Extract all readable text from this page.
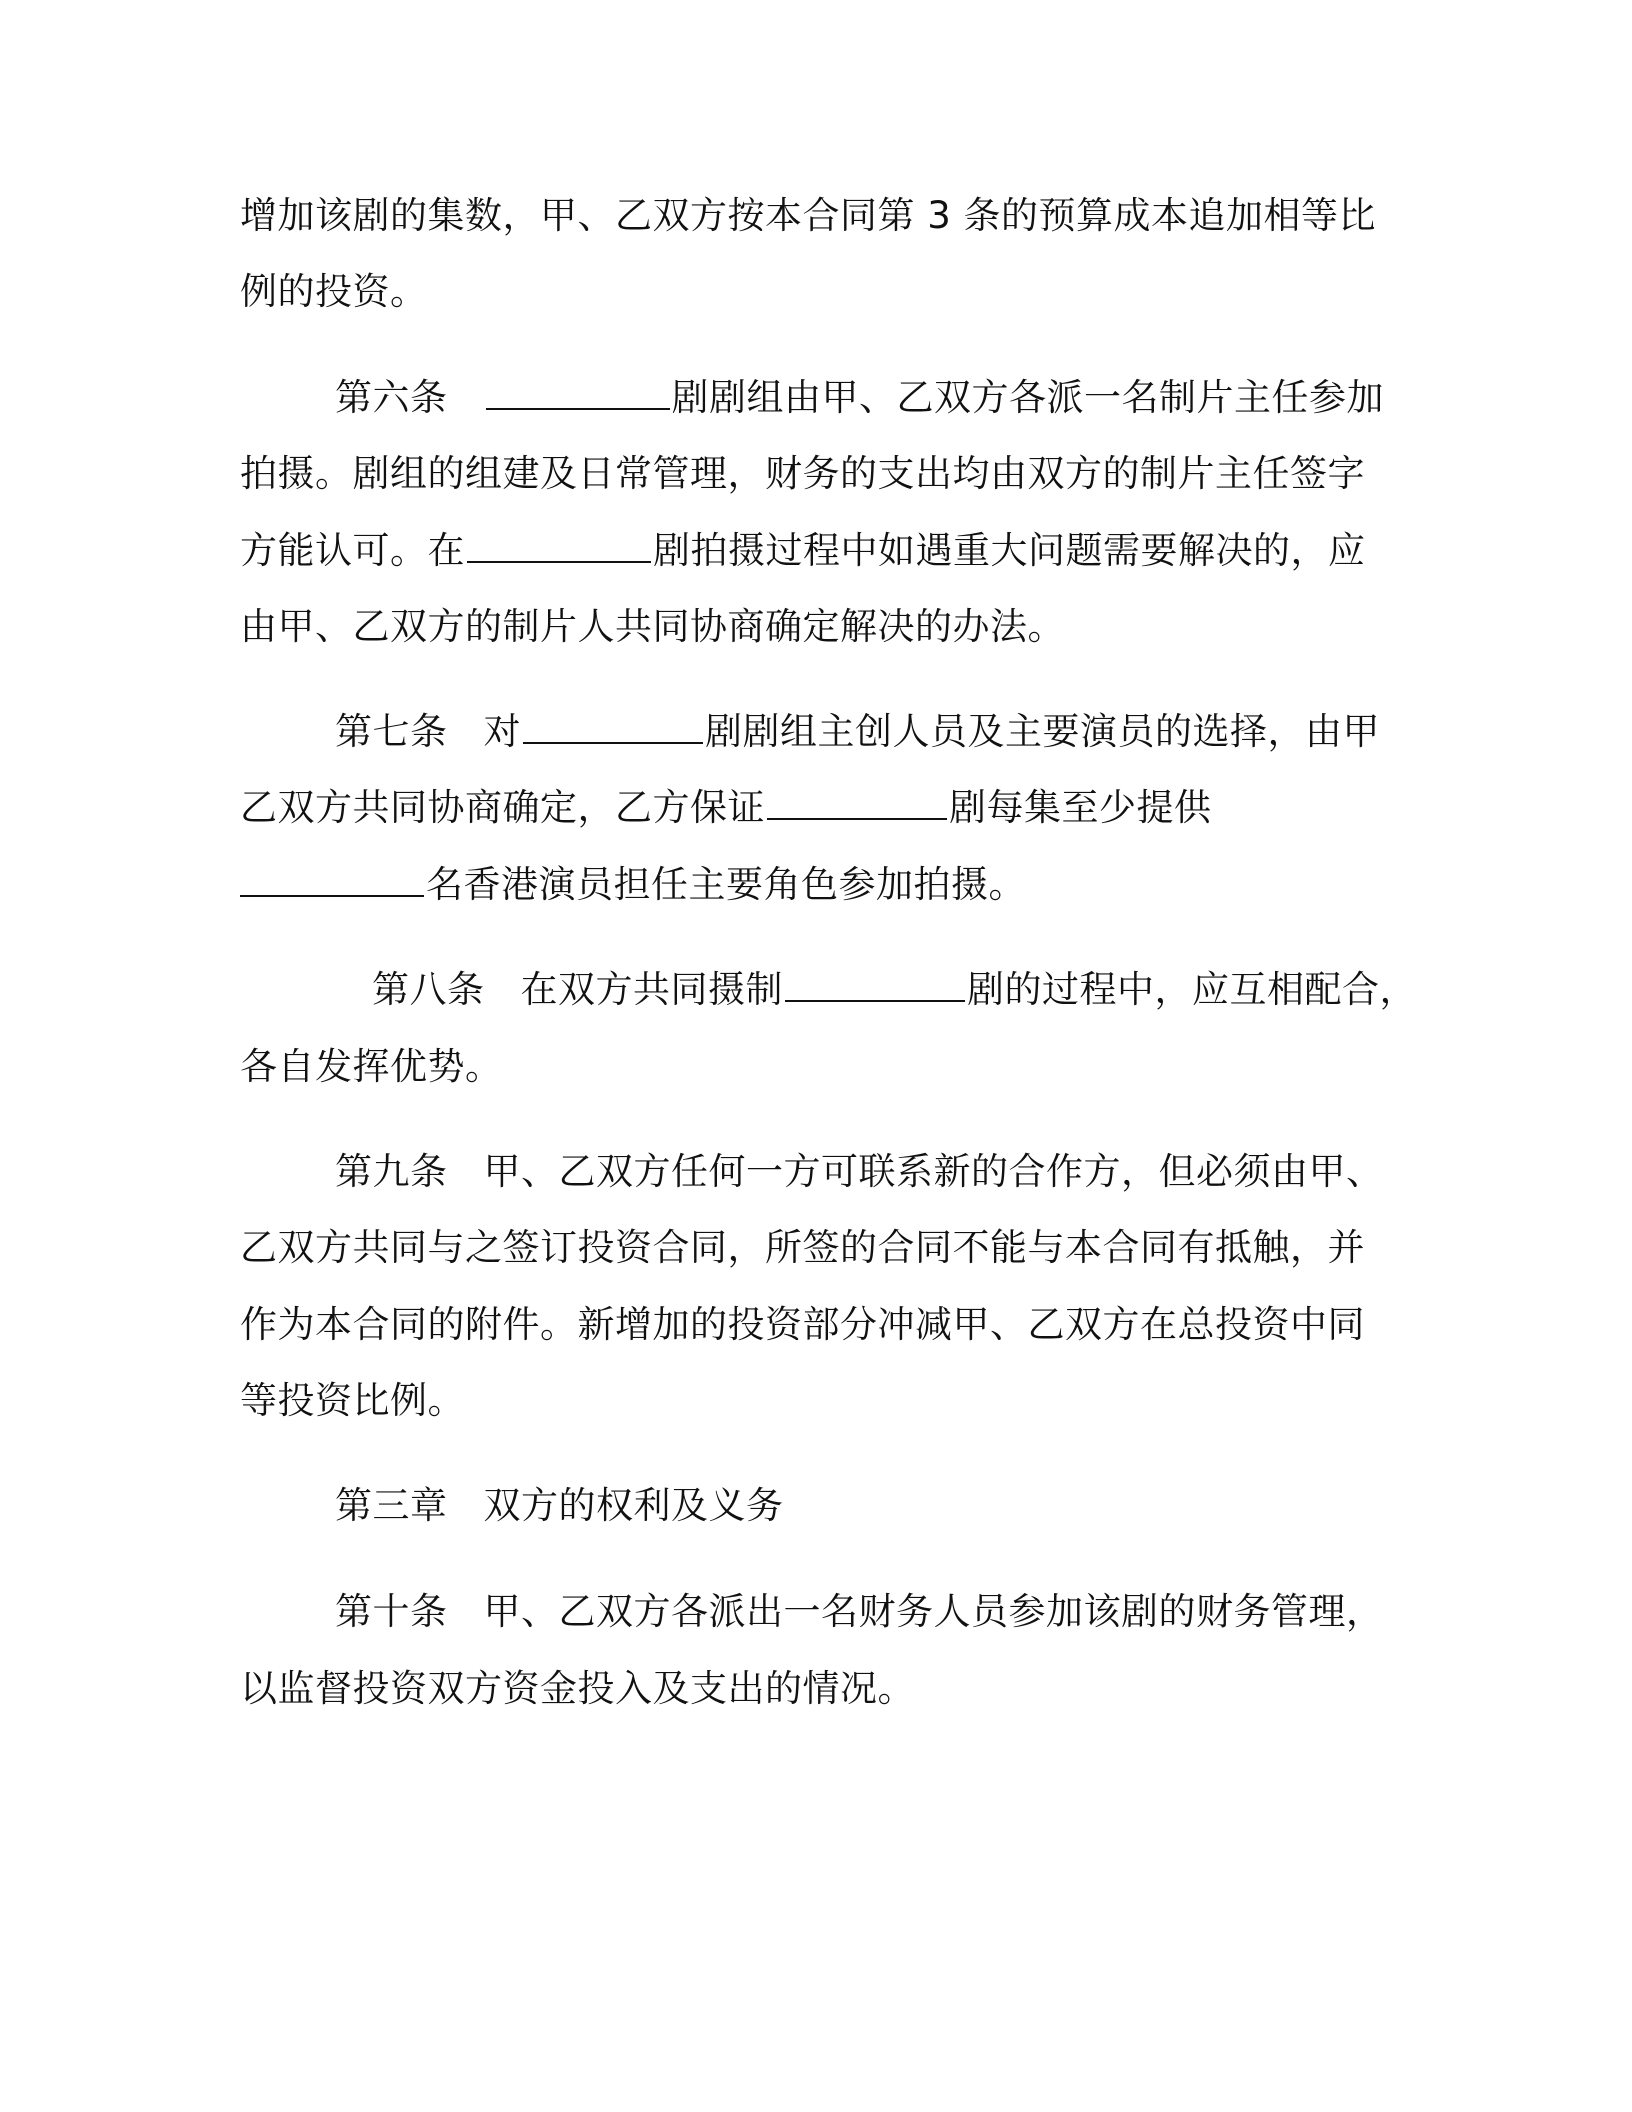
增加该剧的集数，甲、乙双方按本合同第 3 条的预算成本追加相等比
例的投资。
第六条	剧剧组由甲、乙双方各派一名制片主任参加
拍摄。剧组的组建及日常管理，财务的支出均由双方的制片主任签字
方能认可。在	剧拍摄过程中如遇重大问题需要解决的，应
由甲、乙双方的制片人共同协商确定解决的办法。
第七条 对	剧剧组主创人员及主要演员的选择，由甲
乙双方共同协商确定，乙方保证	剧每集至少提供
名香港演员担任主要角色参加拍摄。
第八条 在双方共同摄制	剧的过程中，应互相配合，
各自发挥优势。
第九条 甲、乙双方任何一方可联系新的合作方，但必须由甲、
乙双方共同与之签订投资合同，所签的合同不能与本合同有抵触，并
作为本合同的附件。新增加的投资部分冲减甲、乙双方在总投资中同
等投资比例。
第三章 双方的权利及义务
第十条 甲、乙双方各派出一名财务人员参加该剧的财务管理，
以监督投资双方资金投入及支出的情况。
